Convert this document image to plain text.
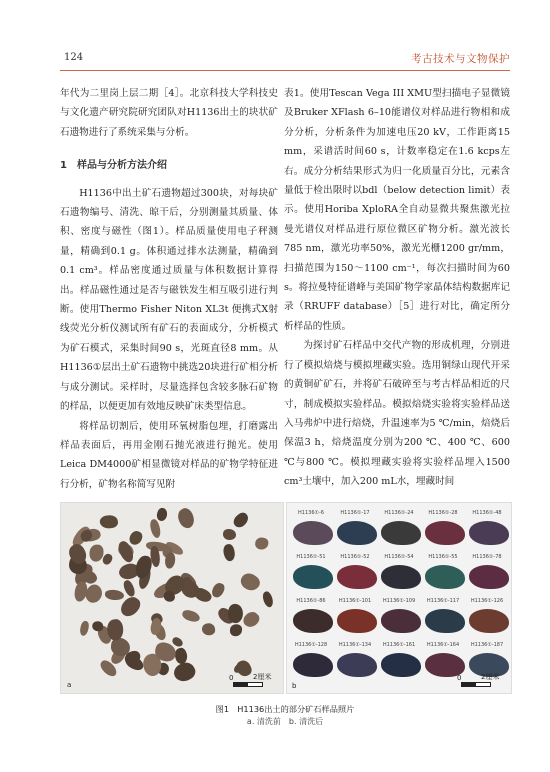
124	考古技术与文物保护

年代为二里岗上层二期［4］。北京科技大学科技史与文化遗产研究院研究团队对H1136出土的块状矿石遗物进行了系统采集与分析。

1 样品与分析方法介绍

H1136中出土矿石遗物超过300块，对每块矿石遗物编号、清洗、晾干后，分别测量其质量、体积、密度与磁性（图1）。样品质量使用电子秤测量，精确到0.1 g。体积通过排水法测量，精确到0.1 cm³。样品密度通过质量与体积数据计算得出。样品磁性通过是否与磁铁发生相互吸引进行判断。使用Thermo Fisher Niton XL3t 便携式X射线荧光分析仪测试所有矿石的表面成分，分析模式为矿石模式，采集时间90 s，光斑直径8 mm。从H1136①层出土矿石遗物中挑选20块进行矿相分析与成分测试。采样时，尽量选择包含较多脉石矿物的样品，以便更加有效地反映矿床类型信息。

将样品切割后，使用环氧树脂包埋，打磨露出样品表面后，再用金刚石抛光液进行抛光。使用Leica DM4000矿相显微镜对样品的矿物学特征进行分析，矿物名称简写见附

表1。使用Tescan Vega III XMU型扫描电子显微镜及Bruker XFlash 6–10能谱仪对样品进行物相和成分分析，分析条件为加速电压20 kV，工作距离15 mm，采谱活时间60 s，计数率稳定在1.6 kcps左右。成分分析结果形式为归一化质量百分比，元素含量低于检出限时以bdl（below detection limit）表示。使用Horiba XploRA全自动显微共聚焦激光拉曼光谱仪对样品进行原位微区矿物分析。激光波长785 nm，激光功率50%，激光光栅1200 gr/mm，扫描范围为150～1100 cm⁻¹，每次扫描时间为60 s。将拉曼特征谱峰与美国矿物学家晶体结构数据库记录（RRUFF database）［5］进行对比，确定所分析样品的性质。

为探讨矿石样品中交代产物的形成机理，分别进行了模拟焙烧与模拟埋藏实验。选用铜绿山现代开采的黄铜矿矿石，并将矿石破碎至与考古样品相近的尺寸，制成模拟实验样品。模拟焙烧实验将实验样品送入马弗炉中进行焙烧，升温速率为5 ℃/min，焙烧后保温3 h，焙烧温度分别为200 ℃、400 ℃、600 ℃与800 ℃。模拟埋藏实验将实验样品埋入1500 cm³土壤中，加入200 mL水，埋藏时间

a
0	2厘米
H1136①-6	H1136①-17	H1136①-24	H1136①-28	H1136①-48
H1136①-51	H1136①-52	H1136①-54	H1136①-55	H1136①-78
H1136①-86	H1136①-101	H1136①-109	H1136①-117	H1136①-126
H1136①-128	H1136①-134	H1136①-161	H1136①-164	H1136①-187
b
0	2厘米
图1　H1136出土的部分矿石样品照片
a. 清洗前　b. 清洗后
